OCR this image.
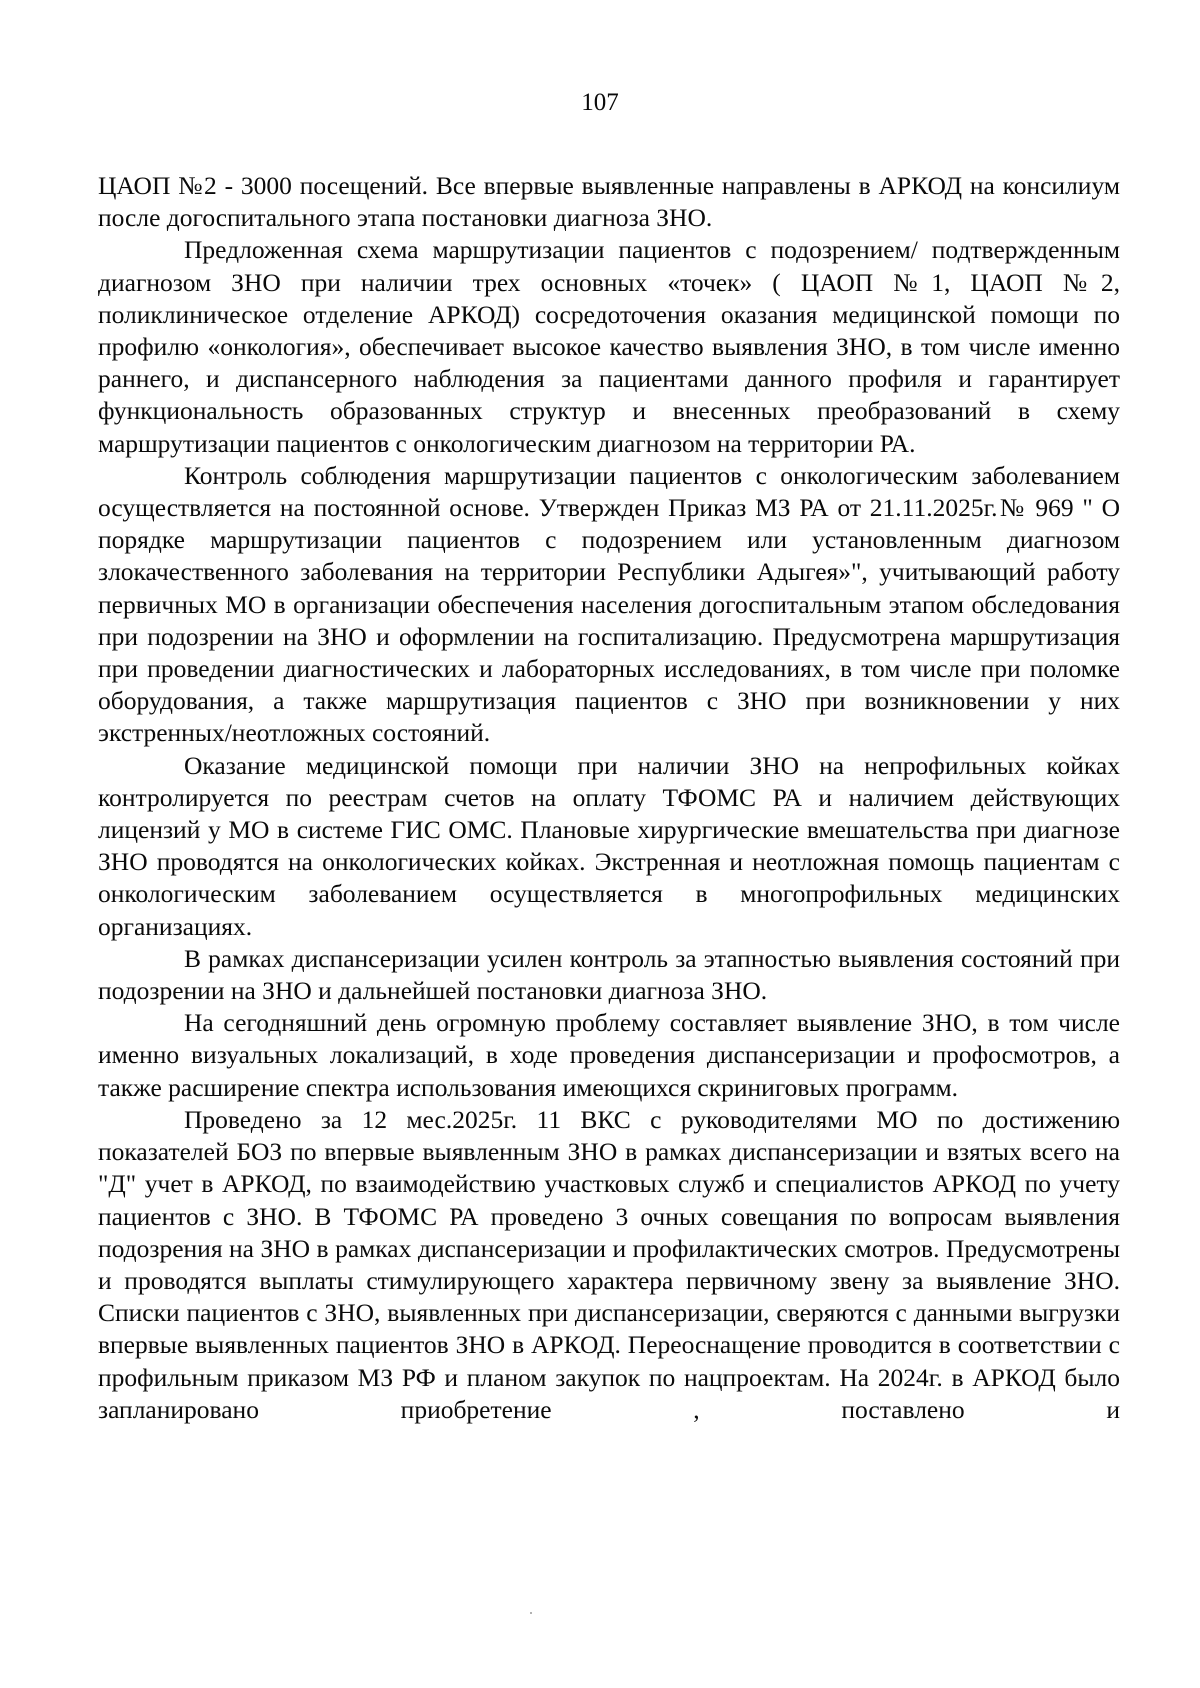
107

ЦАОП №2 - 3000 посещений. Все впервые выявленные направлены в АРКОД на консилиум после догоспитального этапа постановки диагноза ЗНО.

Предложенная схема маршрутизации пациентов с подозрением/ подтвержденным диагнозом ЗНО при наличии трех основных «точек» ( ЦАОП №1, ЦАОП №2, поликлиническое отделение АРКОД) сосредоточения оказания медицинской помощи по профилю «онкология», обеспечивает высокое качество выявления ЗНО, в том числе именно раннего, и диспансерного наблюдения за пациентами данного профиля и гарантирует функциональность образованных структур и внесенных преобразований в схему маршрутизации пациентов с онкологическим диагнозом на территории РА.

Контроль соблюдения маршрутизации пациентов с онкологическим заболеванием осуществляется на постоянной основе. Утвержден Приказ МЗ РА от 21.11.2025г.№ 969 " О порядке маршрутизации пациентов с подозрением или установленным диагнозом злокачественного заболевания на территории Республики Адыгея»", учитывающий работу первичных МО в организации обеспечения населения догоспитальным этапом обследования при подозрении на ЗНО и оформлении на госпитализацию. Предусмотрена маршрутизация при проведении диагностических и лабораторных исследованиях, в том числе при поломке оборудования, а также маршрутизация пациентов с ЗНО при возникновении у них экстренных/неотложных состояний.

Оказание медицинской помощи при наличии ЗНО на непрофильных койках контролируется по реестрам счетов на оплату ТФОМС РА и наличием действующих лицензий у МО в системе ГИС ОМС. Плановые хирургические вмешательства при диагнозе ЗНО проводятся на онкологических койках. Экстренная и неотложная помощь пациентам с онкологическим заболеванием осуществляется в многопрофильных медицинских организациях.

В рамках диспансеризации усилен контроль за этапностью выявления состояний при подозрении на ЗНО и дальнейшей постановки диагноза ЗНО.

На сегодняшний день огромную проблему составляет выявление ЗНО, в том числе именно визуальных локализаций, в ходе проведения диспансеризации и профосмотров, а также расширение спектра использования имеющихся скриниговых программ.

Проведено за 12 мес.2025г. 11 ВКС с руководителями МО по достижению показателей БОЗ по впервые выявленным ЗНО в рамках диспансеризации и взятых всего на "Д" учет в АРКОД, по взаимодействию участковых служб и специалистов АРКОД по учету пациентов с ЗНО. В ТФОМС РА проведено 3 очных совещания по вопросам выявления подозрения на ЗНО в рамках диспансеризации и профилактических смотров. Предусмотрены и проводятся выплаты стимулирующего характера первичному звену за выявление ЗНО. Списки пациентов с ЗНО, выявленных при диспансеризации, сверяются с данными выгрузки впервые выявленных пациентов ЗНО в АРКОД. Переоснащение проводится в соответствии с профильным приказом МЗ РФ и планом закупок по нацпроектам. На 2024г. в АРКОД было запланировано приобретение , поставлено и
